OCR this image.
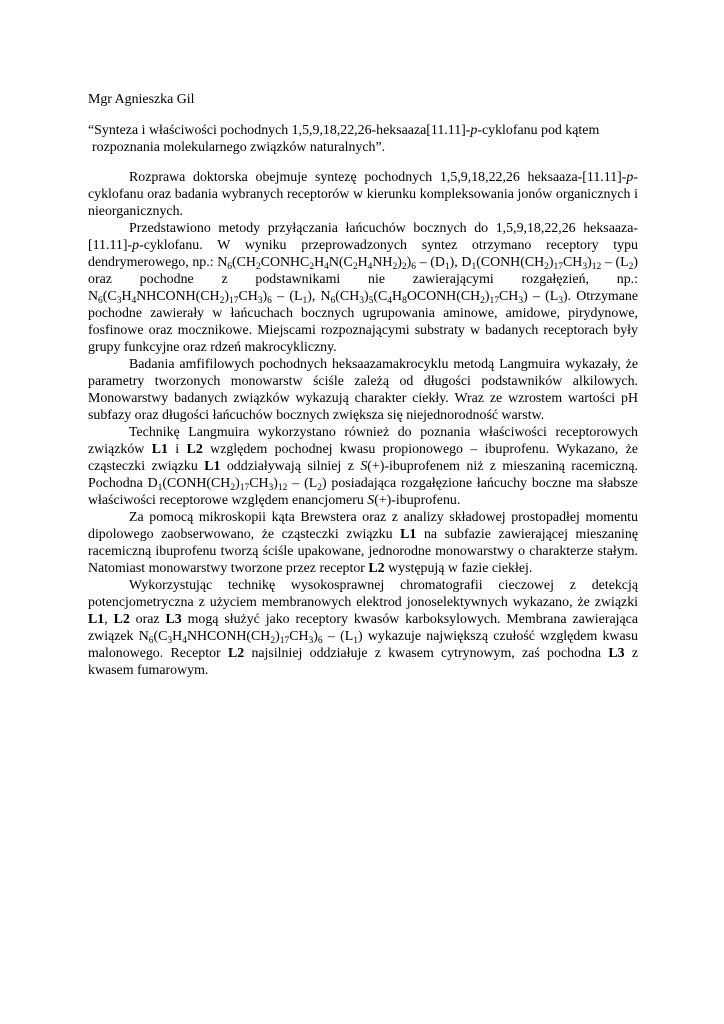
Mgr Agnieszka Gil
“Synteza i właściwości pochodnych 1,5,9,18,22,26-heksaaza[11.11]-p-cyklofanu pod kątem
rozpoznania molekularnego związków naturalnych”.

Rozprawa doktorska obejmuje syntezę pochodnych 1,5,9,18,22,26 heksaaza-[11.11]-p-cyklofanu oraz badania wybranych receptorów w kierunku kompleksowania jonów organicznych i nieorganicznych.

Przedstawiono metody przyłączania łańcuchów bocznych do 1,5,9,18,22,26 heksaaza-[11.11]-p-cyklofanu. W wyniku przeprowadzonych syntez otrzymano receptory typu dendrymerowego, np.: $N_6(CH_2CONHC_2H_4N(C_2H_4NH_2)_2)_6 - (D_1)$, $D_1(CONH(CH_2)_{17}CH_3)_{12} - (L_2)$ oraz pochodne z podstawnikami nie zawierającymi rozgałęzień, np.: $N_6(C_3H_4NHCONH(CH_2)_{17}CH_3)_6 - (L_1)$, $N_6(CH_3)_5(C_4H_8OCONH(CH_2)_{17}CH_3) - (L_3)$. Otrzymane pochodne zawierały w łańcuchach bocznych ugrupowania aminowe, amidowe, pirydynowe, fosfinowe oraz mocznikowe. Miejscami rozpoznającymi substraty w badanych receptorach były grupy funkcyjne oraz rdzeń makrocykliczny.

Badania amfifilowych pochodnych heksaazamakrocyklu metodą Langmuira wykazały, że parametry tworzonych monowarstw ściśle zależą od długości podstawników alkilowych. Monowarstwy badanych związków wykazują charakter ciekły. Wraz ze wzrostem wartości pH subfazy oraz długości łańcuchów bocznych zwiększa się niejednorodność warstw.

Technikę Langmuira wykorzystano również do poznania właściwości receptorowych związków L1 i L2 względem pochodnej kwasu propionowego – ibuprofenu. Wykazano, że cząsteczki związku L1 oddziaływają silniej z S(+)-ibuprofenem niż z mieszaniną racemiczną. Pochodna $D_1(CONH(CH_2)_{17}CH_3)_{12} - (L_2)$ posiadająca rozgałęzione łańcuchy boczne ma słabsze właściwości receptorowe względem enancjomeru S(+)-ibuprofenu.

Za pomocą mikroskopii kąta Brewstera oraz z analizy składowej prostopadłej momentu dipolowego zaobserwowano, że cząsteczki związku L1 na subfazie zawierającej mieszaninę racemiczną ibuprofenu tworzą ściśle upakowane, jednorodne monowarstwy o charakterze stałym. Natomiast monowarstwy tworzone przez receptor L2 występują w fazie ciekłej.

Wykorzystując technikę wysokosprawnej chromatografii cieczowej z detekcją potencjometryczna z użyciem membranowych elektrod jonoselektywnych wykazano, że związki L1, L2 oraz L3 mogą służyć jako receptory kwasów karboksylowych. Membrana zawierająca związek $N_6(C_3H_4NHCONH(CH_2)_{17}CH_3)_6 - (L_1)$ wykazuje największą czułość względem kwasu malonowego. Receptor L2 najsilniej oddziałuje z kwasem cytrynowym, zaś pochodna L3 z kwasem fumarowym.
